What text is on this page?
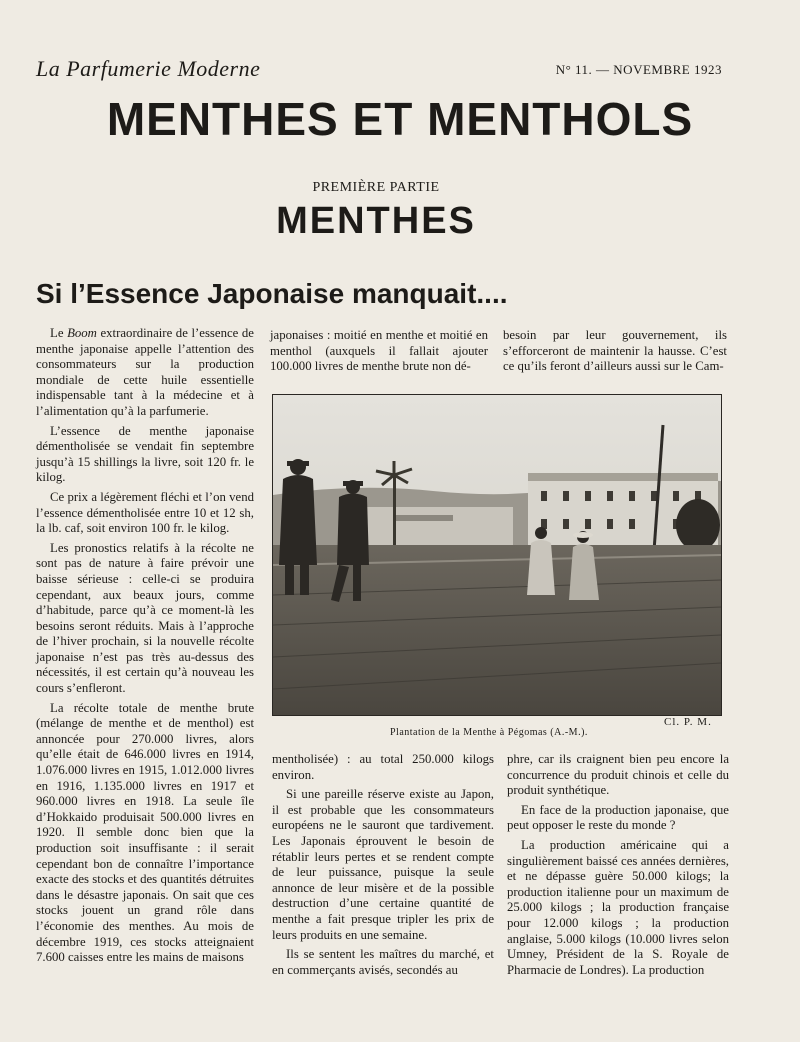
La Parfumerie Moderne	N° 11. — NOVEMBRE 1923
MENTHES ET MENTHOLS
PREMIÈRE PARTIE
MENTHES
Si l’Essence Japonaise manquait....

Le Boom extraordinaire de l’essence de menthe japonaise appelle l’attention des consommateurs sur la production mondiale de cette huile essentielle indispensable tant à la médecine et à l’alimentation qu’à la parfumerie.

L’essence de menthe japonaise démentholisée se vendait fin septembre jusqu’à 15 shillings la livre, soit 120 fr. le kilog.

Ce prix a légèrement fléchi et l’on vend l’essence démentholisée entre 10 et 12 sh, la lb. caf, soit environ 100 fr. le kilog.

Les pronostics relatifs à la récolte ne sont pas de nature à faire prévoir une baisse sérieuse : celle-ci se produira cependant, aux beaux jours, comme d’habitude, parce qu’à ce moment-là les besoins seront réduits. Mais à l’approche de l’hiver prochain, si la nouvelle récolte japonaise n’est pas très au-dessus des nécessités, il est certain qu’à nouveau les cours s’enfleront.

La récolte totale de menthe brute (mélange de menthe et de menthol) est annoncée pour 270.000 livres, alors qu’elle était de 646.000 livres en 1914, 1.076.000 livres en 1915, 1.012.000 livres en 1916, 1.135.000 livres en 1917 et 960.000 livres en 1918. La seule île d’Hokkaido produisait 500.000 livres en 1920. Il semble donc bien que la production soit insuffisante : il serait cependant bon de connaître l’importance exacte des stocks et des quantités détruites dans le désastre japonais. On sait que ces stocks jouent un grand rôle dans l’économie des menthes. Au mois de décembre 1919, ces stocks atteignaient 7.600 caisses entre les mains de maisons

japonaises : moitié en menthe et moitié en menthol (auxquels il fallait ajouter 100.000 livres de menthe brute non dé-

besoin par leur gouvernement, ils s’efforceront de maintenir la hausse. C’est ce qu’ils feront d’ailleurs aussi sur le Cam-

Cl. P. M.
Plantation de la Menthe à Pégomas (A.-M.).

mentholisée) : au total 250.000 kilogs environ.

Si une pareille réserve existe au Japon, il est probable que les consommateurs européens ne le sauront que tardivement. Les Japonais éprouvent le besoin de rétablir leurs pertes et se rendent compte de leur puissance, puisque la seule annonce de leur misère et de la possible destruction d’une certaine quantité de menthe a fait presque tripler les prix de leurs produits en une semaine.

Ils se sentent les maîtres du marché, et en commerçants avisés, secondés au

phre, car ils craignent bien peu encore la concurrence du produit chinois et celle du produit synthétique.

En face de la production japonaise, que peut opposer le reste du monde ?

La production américaine qui a singulièrement baissé ces années dernières, et ne dépasse guère 50.000 kilogs; la production italienne pour un maximum de 25.000 kilogs ; la production française pour 12.000 kilogs ; la production anglaise, 5.000 kilogs (10.000 livres selon Umney, Président de la S. Royale de Pharmacie de Londres). La production
